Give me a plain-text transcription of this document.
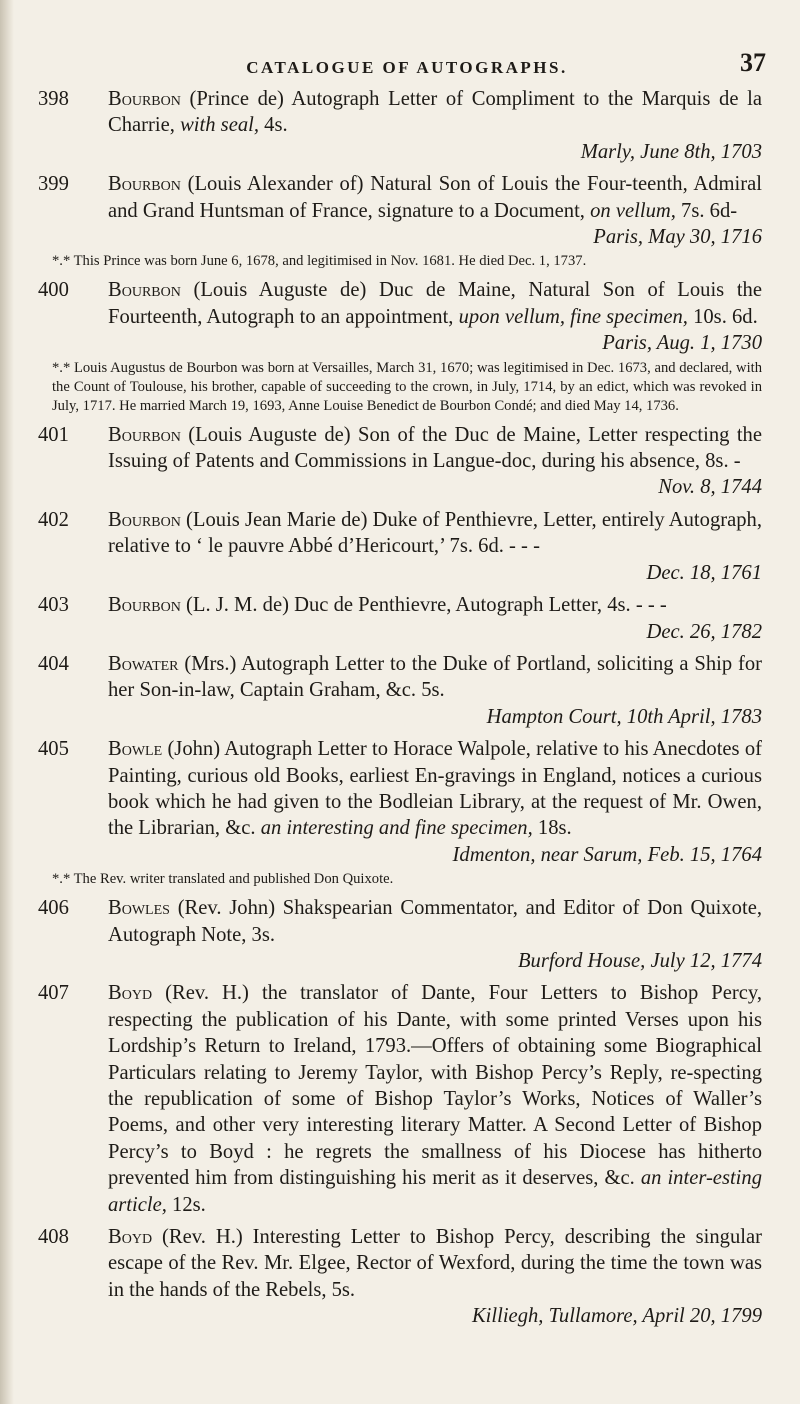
CATALOGUE OF AUTOGRAPHS.	37

398	Bourbon (Prince de) Autograph Letter of Compliment to the Marquis de la Charrie, with seal, 4s.
Marly, June 8th, 1703

399	Bourbon (Louis Alexander of) Natural Son of Louis the Four-teenth, Admiral and Grand Huntsman of France, signature to a Document, on vellum, 7s. 6d-
Paris, May 30, 1716

*.* This Prince was born June 6, 1678, and legitimised in Nov. 1681. He died Dec. 1, 1737.

400	Bourbon (Louis Auguste de) Duc de Maine, Natural Son of Louis the Fourteenth, Autograph to an appointment, upon vellum, fine specimen, 10s. 6d.
Paris, Aug. 1, 1730

*.* Louis Augustus de Bourbon was born at Versailles, March 31, 1670; was legitimised in Dec. 1673, and declared, with the Count of Toulouse, his brother, capable of succeeding to the crown, in July, 1714, by an edict, which was revoked in July, 1717. He married March 19, 1693, Anne Louise Benedict de Bourbon Condé; and died May 14, 1736.

401	Bourbon (Louis Auguste de) Son of the Duc de Maine, Letter respecting the Issuing of Patents and Commissions in Langue-doc, during his absence, 8s. -
Nov. 8, 1744

402	Bourbon (Louis Jean Marie de) Duke of Penthievre, Letter, entirely Autograph, relative to ‘ le pauvre Abbé d’Hericourt,’ 7s. 6d. - - -
Dec. 18, 1761

403	Bourbon (L. J. M. de) Duc de Penthievre, Autograph Letter, 4s. - - -
Dec. 26, 1782

404	Bowater (Mrs.) Autograph Letter to the Duke of Portland, soliciting a Ship for her Son-in-law, Captain Graham, &c. 5s.
Hampton Court, 10th April, 1783

405	Bowle (John) Autograph Letter to Horace Walpole, relative to his Anecdotes of Painting, curious old Books, earliest En-gravings in England, notices a curious book which he had given to the Bodleian Library, at the request of Mr. Owen, the Librarian, &c. an interesting and fine specimen, 18s.
Idmenton, near Sarum, Feb. 15, 1764

*.* The Rev. writer translated and published Don Quixote.

406	Bowles (Rev. John) Shakspearian Commentator, and Editor of Don Quixote, Autograph Note, 3s.
Burford House, July 12, 1774

407	Boyd (Rev. H.) the translator of Dante, Four Letters to Bishop Percy, respecting the publication of his Dante, with some printed Verses upon his Lordship’s Return to Ireland, 1793.—Offers of obtaining some Biographical Particulars relating to Jeremy Taylor, with Bishop Percy’s Reply, re-specting the republication of some of Bishop Taylor’s Works, Notices of Waller’s Poems, and other very interesting literary Matter. A Second Letter of Bishop Percy’s to Boyd : he regrets the smallness of his Diocese has hitherto prevented him from distinguishing his merit as it deserves, &c. an inter-esting article, 12s.

408	Boyd (Rev. H.) Interesting Letter to Bishop Percy, describing the singular escape of the Rev. Mr. Elgee, Rector of Wexford, during the time the town was in the hands of the Rebels, 5s.
Killiegh, Tullamore, April 20, 1799
